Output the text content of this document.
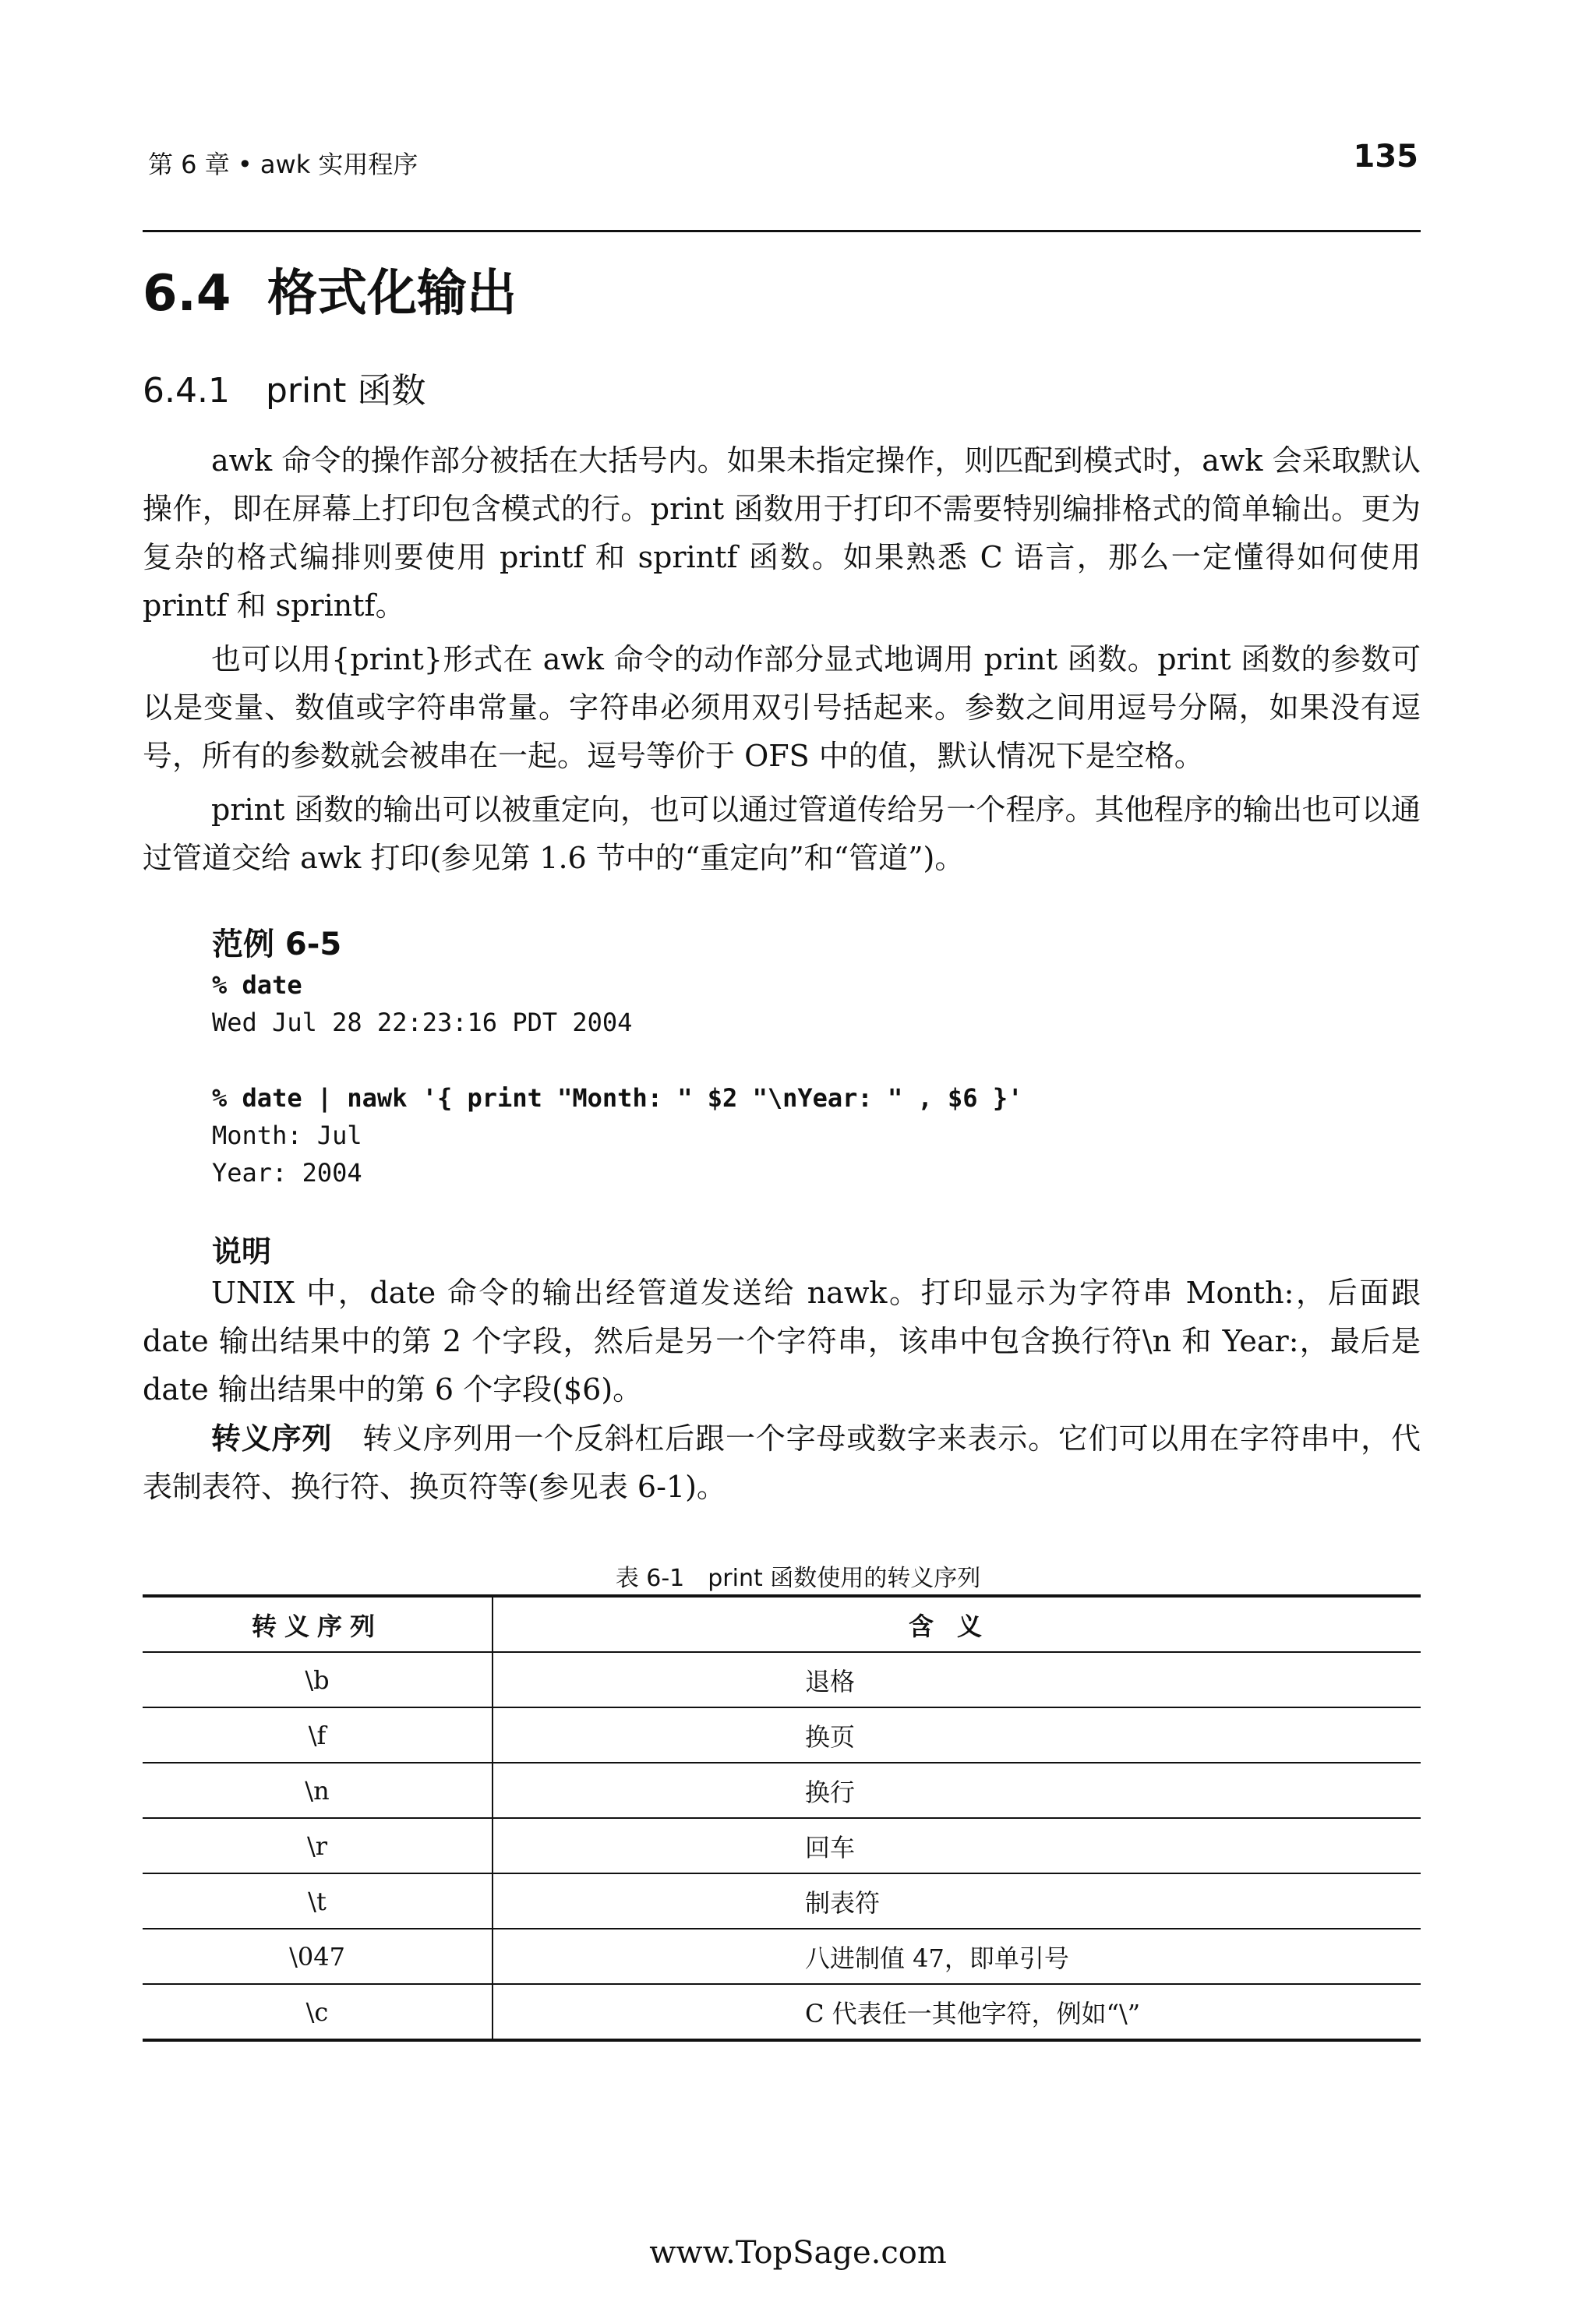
第 6 章 • awk 实用程序	135
6.4 格式化输出
6.4.1 print 函数

awk 命令的操作部分被括在大括号内。如果未指定操作，则匹配到模式时，awk 会采取默认操作，即在屏幕上打印包含模式的行。print 函数用于打印不需要特别编排格式的简单输出。更为复杂的格式编排则要使用 printf 和 sprintf 函数。如果熟悉 C 语言，那么一定懂得如何使用 printf 和 sprintf。

也可以用{print}形式在 awk 命令的动作部分显式地调用 print 函数。print 函数的参数可以是变量、数值或字符串常量。字符串必须用双引号括起来。参数之间用逗号分隔，如果没有逗号，所有的参数就会被串在一起。逗号等价于 OFS 中的值，默认情况下是空格。

print 函数的输出可以被重定向，也可以通过管道传给另一个程序。其他程序的输出也可以通过管道交给 awk 打印(参见第 1.6 节中的“重定向”和“管道”)。

范例 6-5
% date
Wed Jul 28 22:23:16 PDT 2004
% date | nawk '{ print "Month: " $2 "\nYear: " , $6 }'
Month: Jul
Year: 2004
说明

UNIX 中，date 命令的输出经管道发送给 nawk。打印显示为字符串 Month:，后面跟 date 输出结果中的第 2 个字段，然后是另一个字符串，该串中包含换行符\n 和 Year:，最后是 date 输出结果中的第 6 个字段($6)。

转义序列　 转义序列用一个反斜杠后跟一个字母或数字来表示。它们可以用在字符串中，代表制表符、换行符、换页符等(参见表 6-1)。

表 6-1　print 函数使用的转义序列
转义序列	含义
\b	退格
\f	换页
\n	换行
\r	回车
\t	制表符
\047	八进制值 47，即单引号
\c	C 代表任一其他字符，例如“\”
www.TopSage.com
